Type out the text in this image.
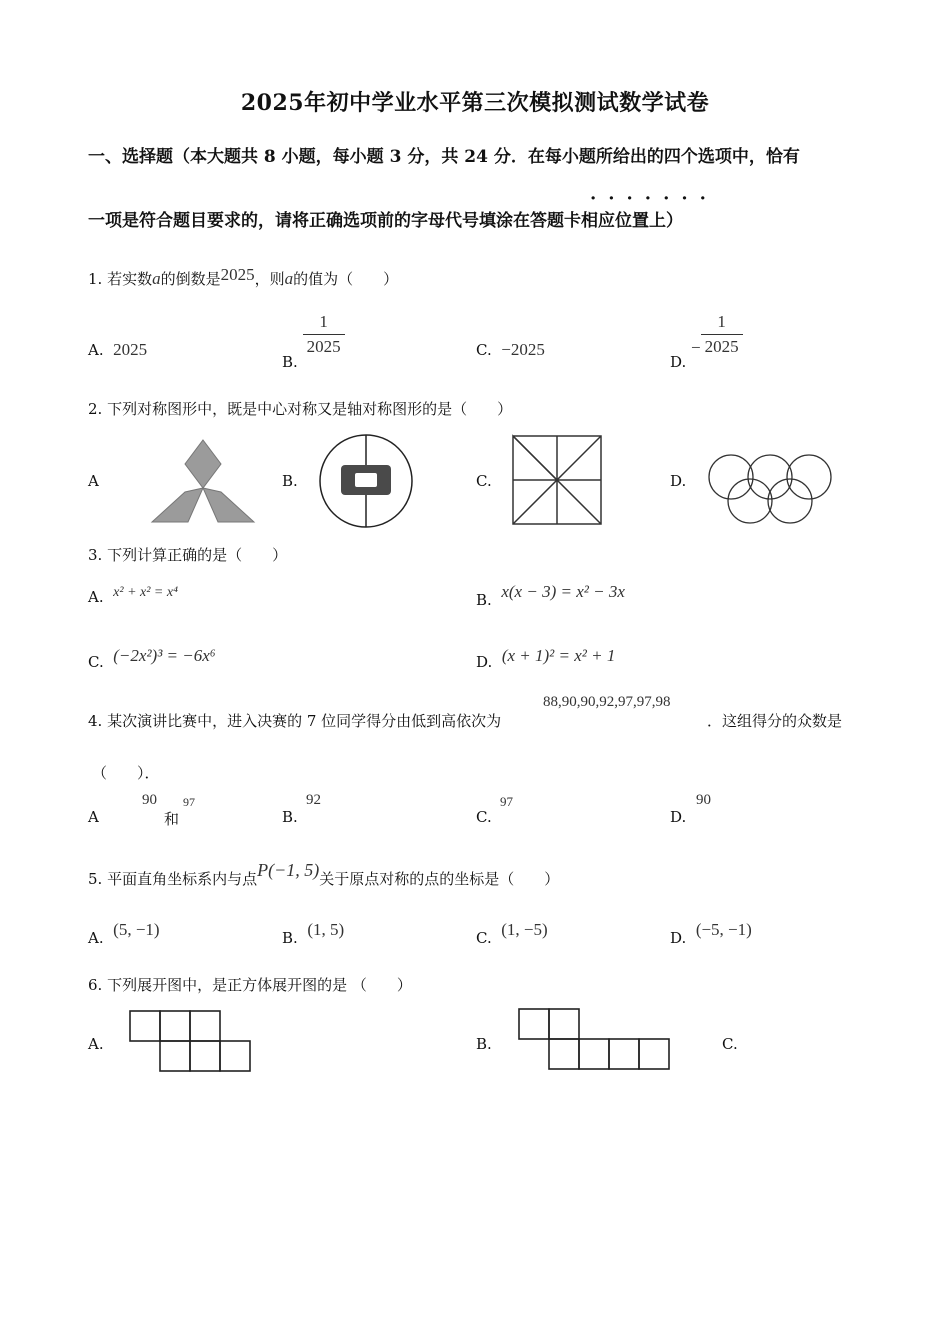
2025年初中学业水平第三次模拟测试数学试卷
一、选择题（本大题共 8 小题，每小题 3 分，共 24 分．在每小题所给出的四个选项中，恰有
·······
一项是符合题目要求的，请将正确选项前的字母代号填涂在答题卡相应位置上）
1. 若实数a的倒数是2025，则a的值为（　　）
A. 2025
B.
$\frac{1}{2025}$	C. −2025
D. − $\frac{1}{2025}$
2. 下列对称图形中，既是中心对称又是轴对称图形的是（　　）
A	B.	C.	D.
3. 下列计算正确的是（　　）
A. x² + x² = x⁴	B. x(x − 3) = x² − 3x
C. (−2x²)³ = −6x⁶	D. (x + 1)² = x² + 1
4. 某次演讲比赛中，进入决赛的 7 位同学得分由低到高依次为
88,90,90,92,97,97,98
．这组得分的众数是
（　　）．
A
90
和
97
B.
92
C.
97
D.
90
5. 平面直角坐标系内与点P(−1, 5)关于原点对称的点的坐标是（　　）
A. (5, −1)	B. (1, 5)	C. (1, −5)	D. (−5, −1)
6. 下列展开图中，是正方体展开图的是 （　　）
A.	B.	C.
